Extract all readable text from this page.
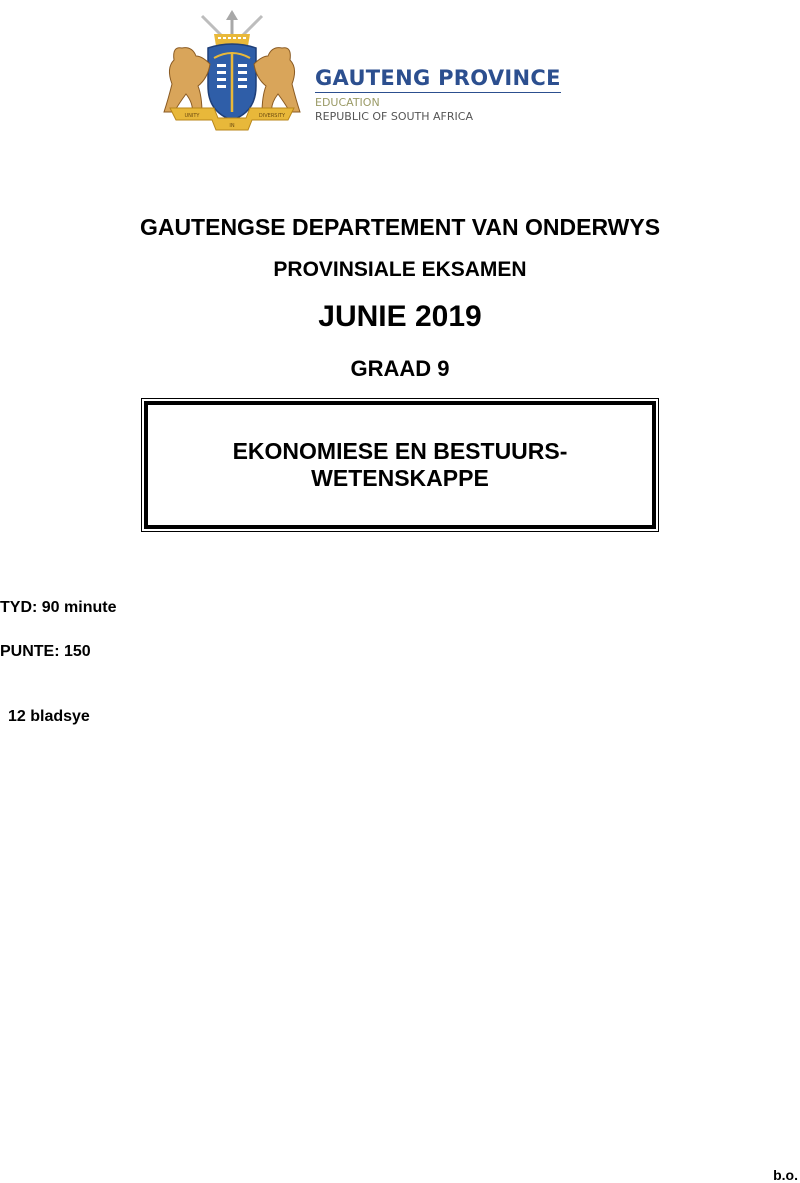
UNITY
IN
DIVERSITY
GAUTENG PROVINCE
EDUCATION
REPUBLIC OF SOUTH AFRICA
GAUTENGSE DEPARTEMENT VAN ONDERWYS
PROVINSIALE EKSAMEN
JUNIE 2019
GRAAD 9
EKONOMIESE EN BESTUURS-
WETENSKAPPE
TYD: 90 minute
PUNTE: 150
12 bladsye
b.o.
